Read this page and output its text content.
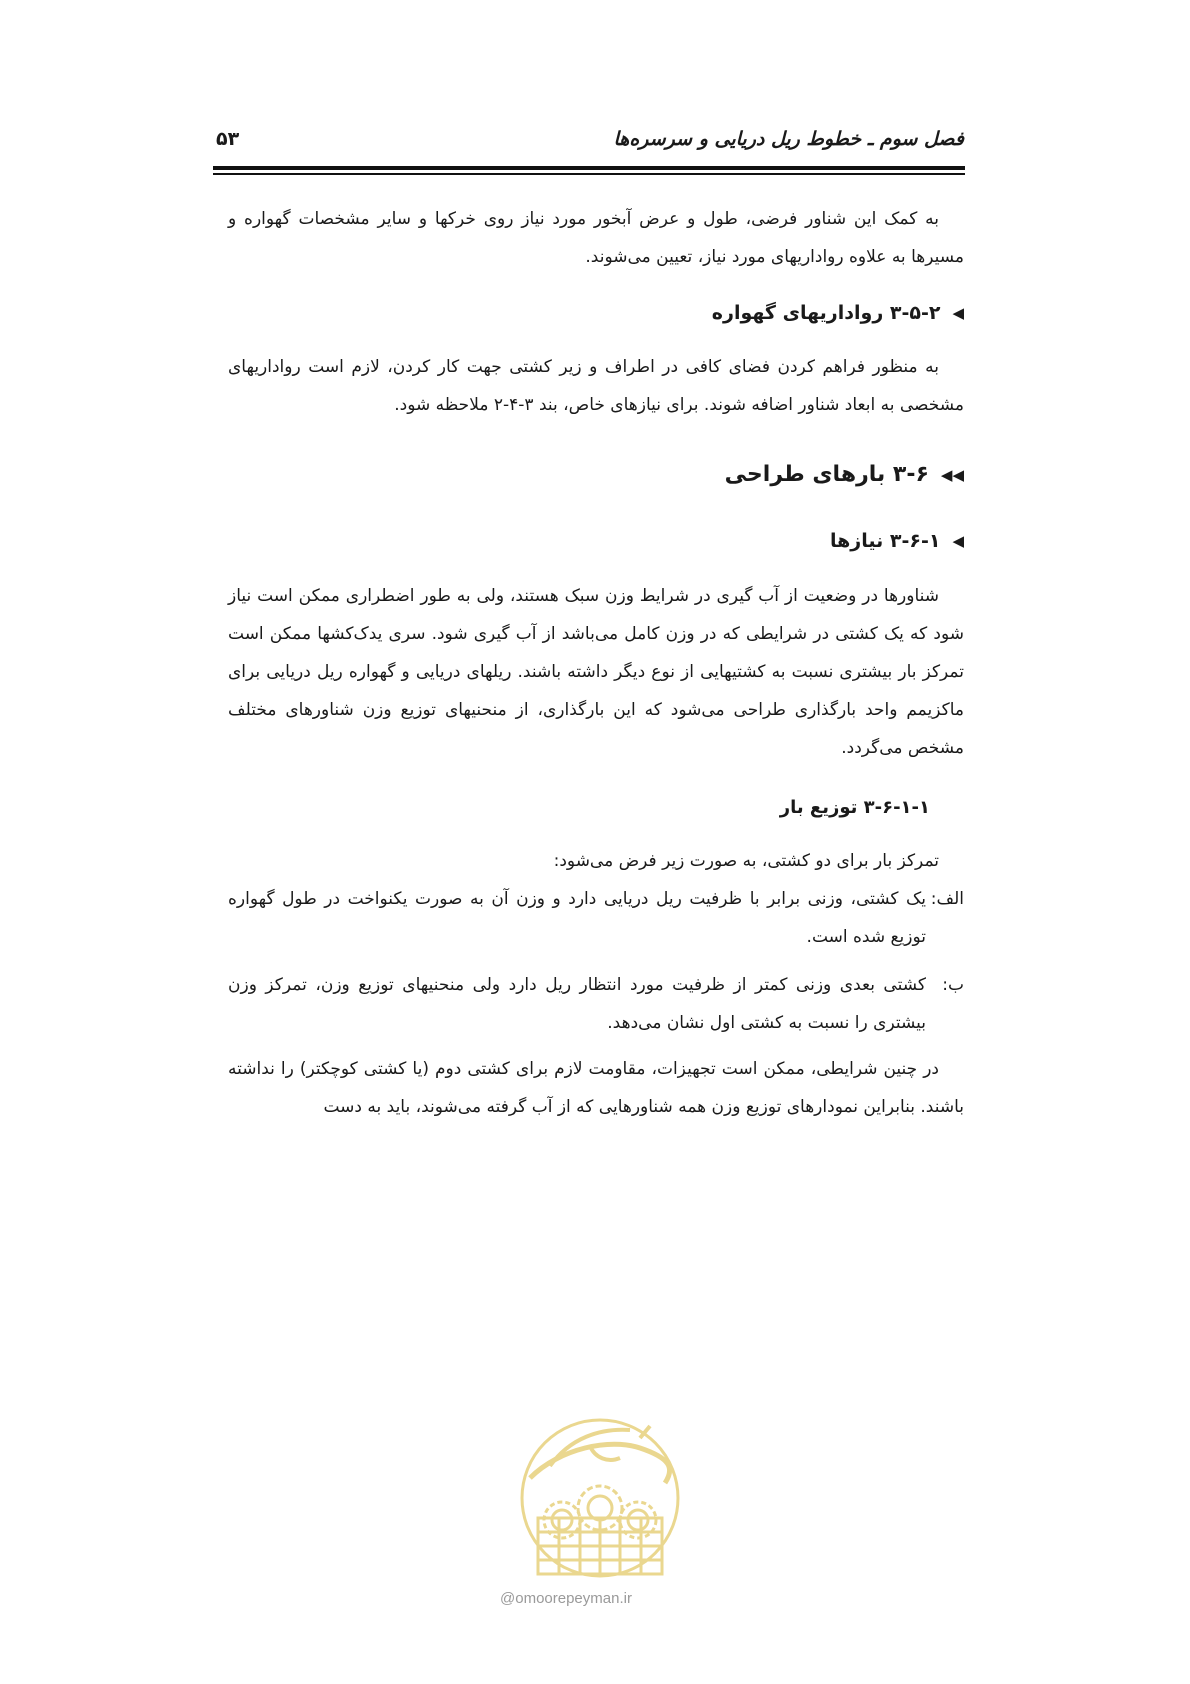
فصل سوم ـ خطوط ریل دریایی و سرسره‌ها
۵۳

به کمک این شناور فرضی، طول و عرض آبخور مورد نیاز روی خرکها و سایر مشخصات گهواره و مسیرها به علاوه رواداریهای مورد نیاز، تعیین می‌شوند.

◀
۳-۵-۲ رواداریهای گهواره

به منظور فراهم کردن فضای کافی در اطراف و زیر کشتی جهت کار کردن، لازم است رواداریهای مشخصی به ابعاد شناور اضافه شوند. برای نیازهای خاص، بند ۳-۴-۲ ملاحظه شود.

◀◀
۳-۶ بارهای طراحی
◀
۳-۶-۱ نیازها

شناورها در وضعیت از آب گیری در شرایط وزن سبک هستند، ولی به طور اضطراری ممکن است نیاز شود که یک کشتی در شرایطی که در وزن کامل می‌باشد از آب گیری شود. سری یدک‌کشها ممکن است تمرکز بار بیشتری نسبت به کشتیهایی از نوع دیگر داشته باشند. ریلهای دریایی و گهواره ریل دریایی برای ماکزیمم واحد بارگذاری طراحی می‌شود که این بارگذاری، از منحنیهای توزیع وزن شناورهای مختلف مشخص می‌گردد.

۳-۶-۱-۱ توزیع بار

تمرکز بار برای دو کشتی، به صورت زیر فرض می‌شود:

الف:
یک کشتی، وزنی برابر با ظرفیت ریل دریایی دارد و وزن آن به صورت یکنواخت در طول گهواره توزیع شده است.
ب:
کشتی بعدی وزنی کمتر از ظرفیت مورد انتظار ریل دارد ولی منحنیهای توزیع وزن، تمرکز وزن بیشتری را نسبت به کشتی اول نشان می‌دهد.

در چنین شرایطی، ممکن است تجهیزات، مقاومت لازم برای کشتی دوم (یا کشتی کوچکتر) را نداشته باشند. بنابراین نمودارهای توزیع وزن همه شناورهایی که از آب گرفته می‌شوند، باید به دست

@omoorepeyman.ir
